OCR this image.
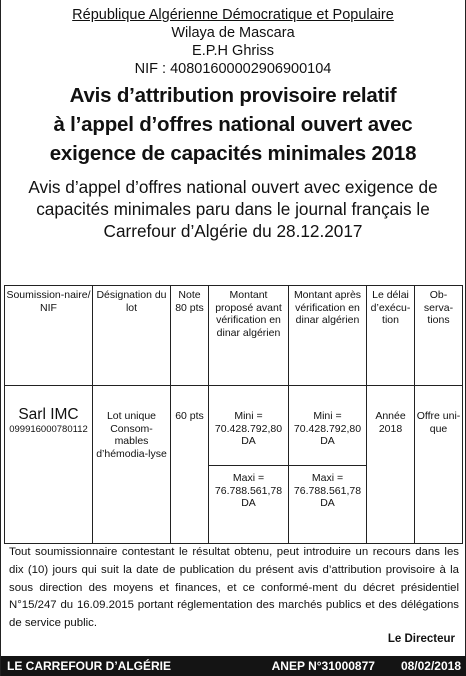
République Algérienne Démocratique et Populaire
Wilaya de Mascara
E.P.H Ghriss
NIF : 408016000029069001​04
Avis d’attribution provisoire relatif
à l’appel d’offres national ouvert avec
exigence de capacités minimales 2018
Avis d’appel d’offres national ouvert avec exigence de capacités minimales paru dans le journal français le Carrefour d’Algérie du 28.12.2017
Soumission-naire/ NIF	Désignation du lot	Note 80 pts	Montant proposé avant vérification en dinar algérien	Montant après vérification en dinar algérien	Le délai d’exécu-tion	Ob-serva-tions

Sarl IMC
099916000780112	Lot unique Consom-mables d’hémodia-lyse	60 pts	Mini = 70.428.792,80 DA	Mini = 70.428.792,80 DA	Année 2018	Offre uni-que
			Maxi = 76.788.561,78 DA	Maxi = 76.788.561,78 DA		
Tout soumissionnaire contestant le résultat obtenu, peut introduire un recours dans les dix (10) jours qui suit la date de publication du présent avis d’attribution provisoire à la sous direction des moyens et finances, et ce conformé-ment du décret présidentiel N°15/247 du 16.09.2015 portant réglementation des marchés publics et des délégations de service public.
Le Directeur
LE CARREFOUR D’ALGÉRIE	ANEP N°31000877 08/02/2018
